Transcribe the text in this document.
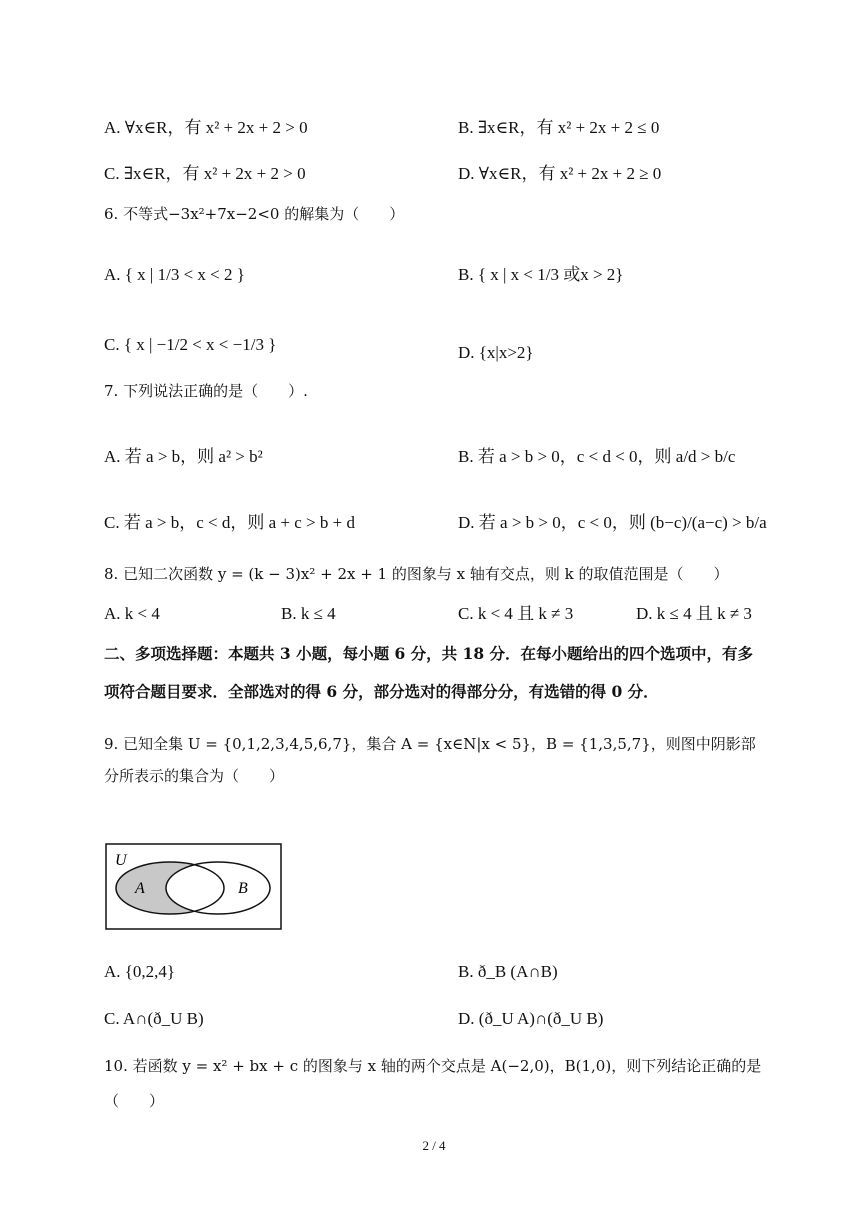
A. ∀x∈R，有 x² + 2x + 2 > 0	B. ∃x∈R，有 x² + 2x + 2 ≤ 0
C. ∃x∈R，有 x² + 2x + 2 > 0	D. ∀x∈R，有 x² + 2x + 2 ≥ 0
6. 不等式−3x²+7x−2<0 的解集为（　　）
A. { x | 1/3 < x < 2 }	B. { x | x < 1/3 或x > 2}
C. { x | −1/2 < x < −1/3 }	D. {x|x>2}
7. 下列说法正确的是（　　）.
A. 若 a > b，则 a² > b²	B. 若 a > b > 0，c < d < 0，则 a/d > b/c
C. 若 a > b，c < d，则 a + c > b + d	D. 若 a > b > 0，c < 0，则 (b−c)/(a−c) > b/a
8. 已知二次函数 y = (k − 3)x² + 2x + 1 的图象与 x 轴有交点，则 k 的取值范围是（　　）
A. k < 4	B. k ≤ 4	C. k < 4 且 k ≠ 3	D. k ≤ 4 且 k ≠ 3
二、多项选择题：本题共 3 小题，每小题 6 分，共 18 分．在每小题给出的四个选项中，有多
项符合题目要求．全部选对的得 6 分，部分选对的得部分分，有选错的得 0 分．
9. 已知全集 U = {0,1,2,3,4,5,6,7}，集合 A = {x∈N|x < 5}，B = {1,3,5,7}，则图中阴影部
分所表示的集合为（　　）
A. {0,2,4}	B. ð_B (A∩B)
C. A∩(ð_U B)	D. (ð_U A)∩(ð_U B)
10. 若函数 y = x² + bx + c 的图象与 x 轴的两个交点是 A(−2,0)，B(1,0)，则下列结论正确的是
（　　）
U
A	B
2 / 4
